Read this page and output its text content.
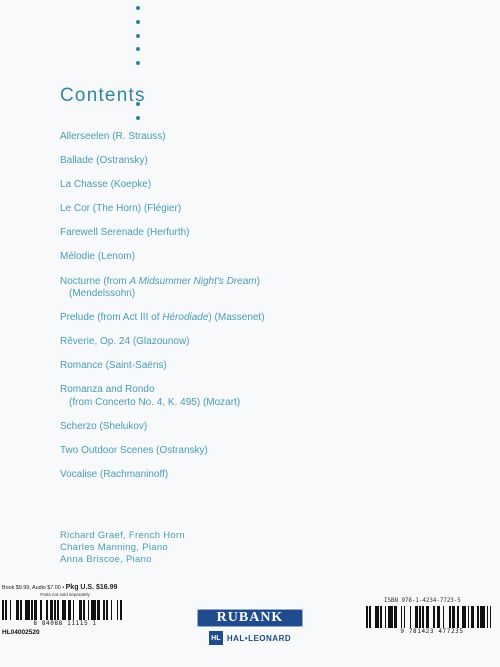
Contents
Allerseelen (R. Strauss)
Ballade (Ostransky)
La Chasse (Koepke)
Le Cor (The Horn) (Flégier)
Farewell Serenade (Herfurth)
Mélodie (Lenom)
Nocturne (from A Midsummer Night's Dream)
(Mendelssohn)
Prelude (from Act III of Hérodiade) (Massenet)
Rêverie, Op. 24 (Glazounow)
Romance (Saint-Saëns)
Romanza and Rondo
(from Concerto No. 4, K. 495) (Mozart)
Scherzo (Shelukov)
Two Outdoor Scenes (Ostransky)
Vocalise (Rachmaninoff)
Richard Graef, French Horn
Charles Manning, Piano
Anna Briscoe, Piano
Book $9.99, Audio $7.00 • Pkg U.S. $16.99
Parts not sold separately
8 84088 11115 1
HL04002520
RUBANK
HL HAL•LEONARD
ISBN 978-1-4234-7723-5
9 781423 477235
